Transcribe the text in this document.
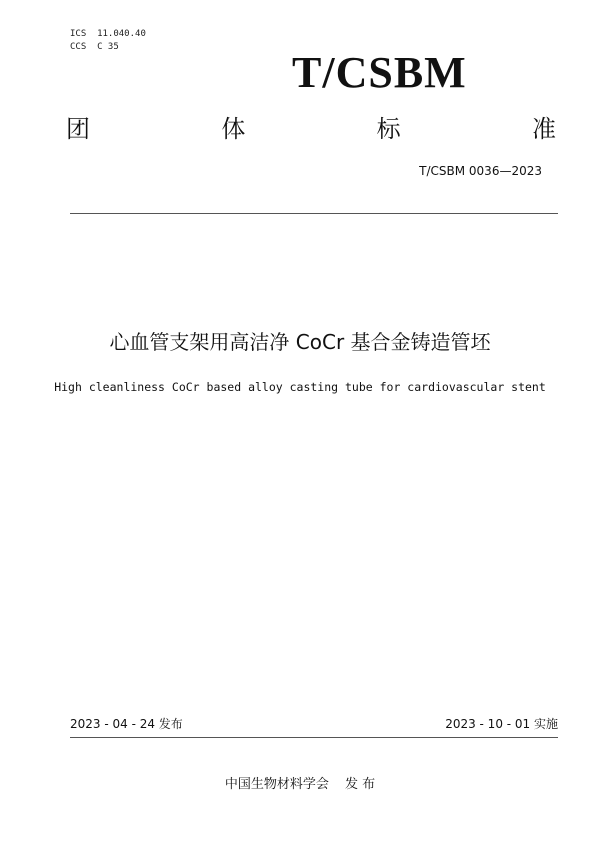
ICS  11.040.40
CCS  C 35
T/CSBM
团	体	标	准
T/CSBM 0036—2023
心血管支架用高洁净 CoCr 基合金铸造管坯
High cleanliness CoCr based alloy casting tube for cardiovascular stent
2023 - 04 - 24 发布	2023 - 10 - 01 实施
中国生物材料学会 发 布
